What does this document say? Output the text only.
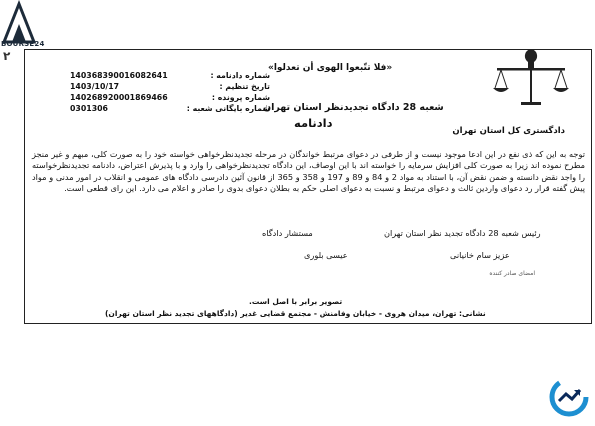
BOURSE24
٢
دادگستری کل استان تهران
«فلا تتّبعوا الهوى أن تعدلوا»
شعبه 28 دادگاه تجدیدنظر استان تهران
دادنامه
140368390016082641	شماره دادنامه :
1403/10/17	تاریخ تنظیم :
140268920001869466	شماره پرونده :
0301306	شماره بایگانی شعبه :
توجه به این که ذی نفع در این ادعا موجود نیست و از طرفی در دعوای مرتبط خواندگان در مرحله تجدیدنظرخواهی خواسته خود را به صورت کلی، مبهم و غیر منجز مطرح نموده اند زیرا به صورت کلی افزایش سرمایه را خواسته اند با این اوصاف، این دادگاه تجدیدنظرخواهی را وارد و با پذیرش اعتراض، دادنامه تجدیدنظرخواسته را واجد نقض دانسته و ضمن نقض آن، با استناد به مواد 2 و 84 و 89 و 197 و 358 و 365 از قانون آئین دادرسی دادگاه های عمومی و انقلاب در امور مدنی و مواد پیش گفته قرار رد دعوای واردین ثالث و دعوای مرتبط و نسبت به دعوای اصلی حکم به بطلان دعوای بدوی را صادر و اعلام می دارد. این رای قطعی است.
رئیس شعبه 28 دادگاه تجدید نظر استان تهران
مستشار دادگاه
عزیز سام خانیانی
عیسی بلوری
امضای صادر کننده
تصویر برابر با اصل است.
نشانی: تهران، میدان هروی - خیابان وفامنش - مجتمع قضایی غدیر (دادگاههای تجدید نظر استان تهران)
